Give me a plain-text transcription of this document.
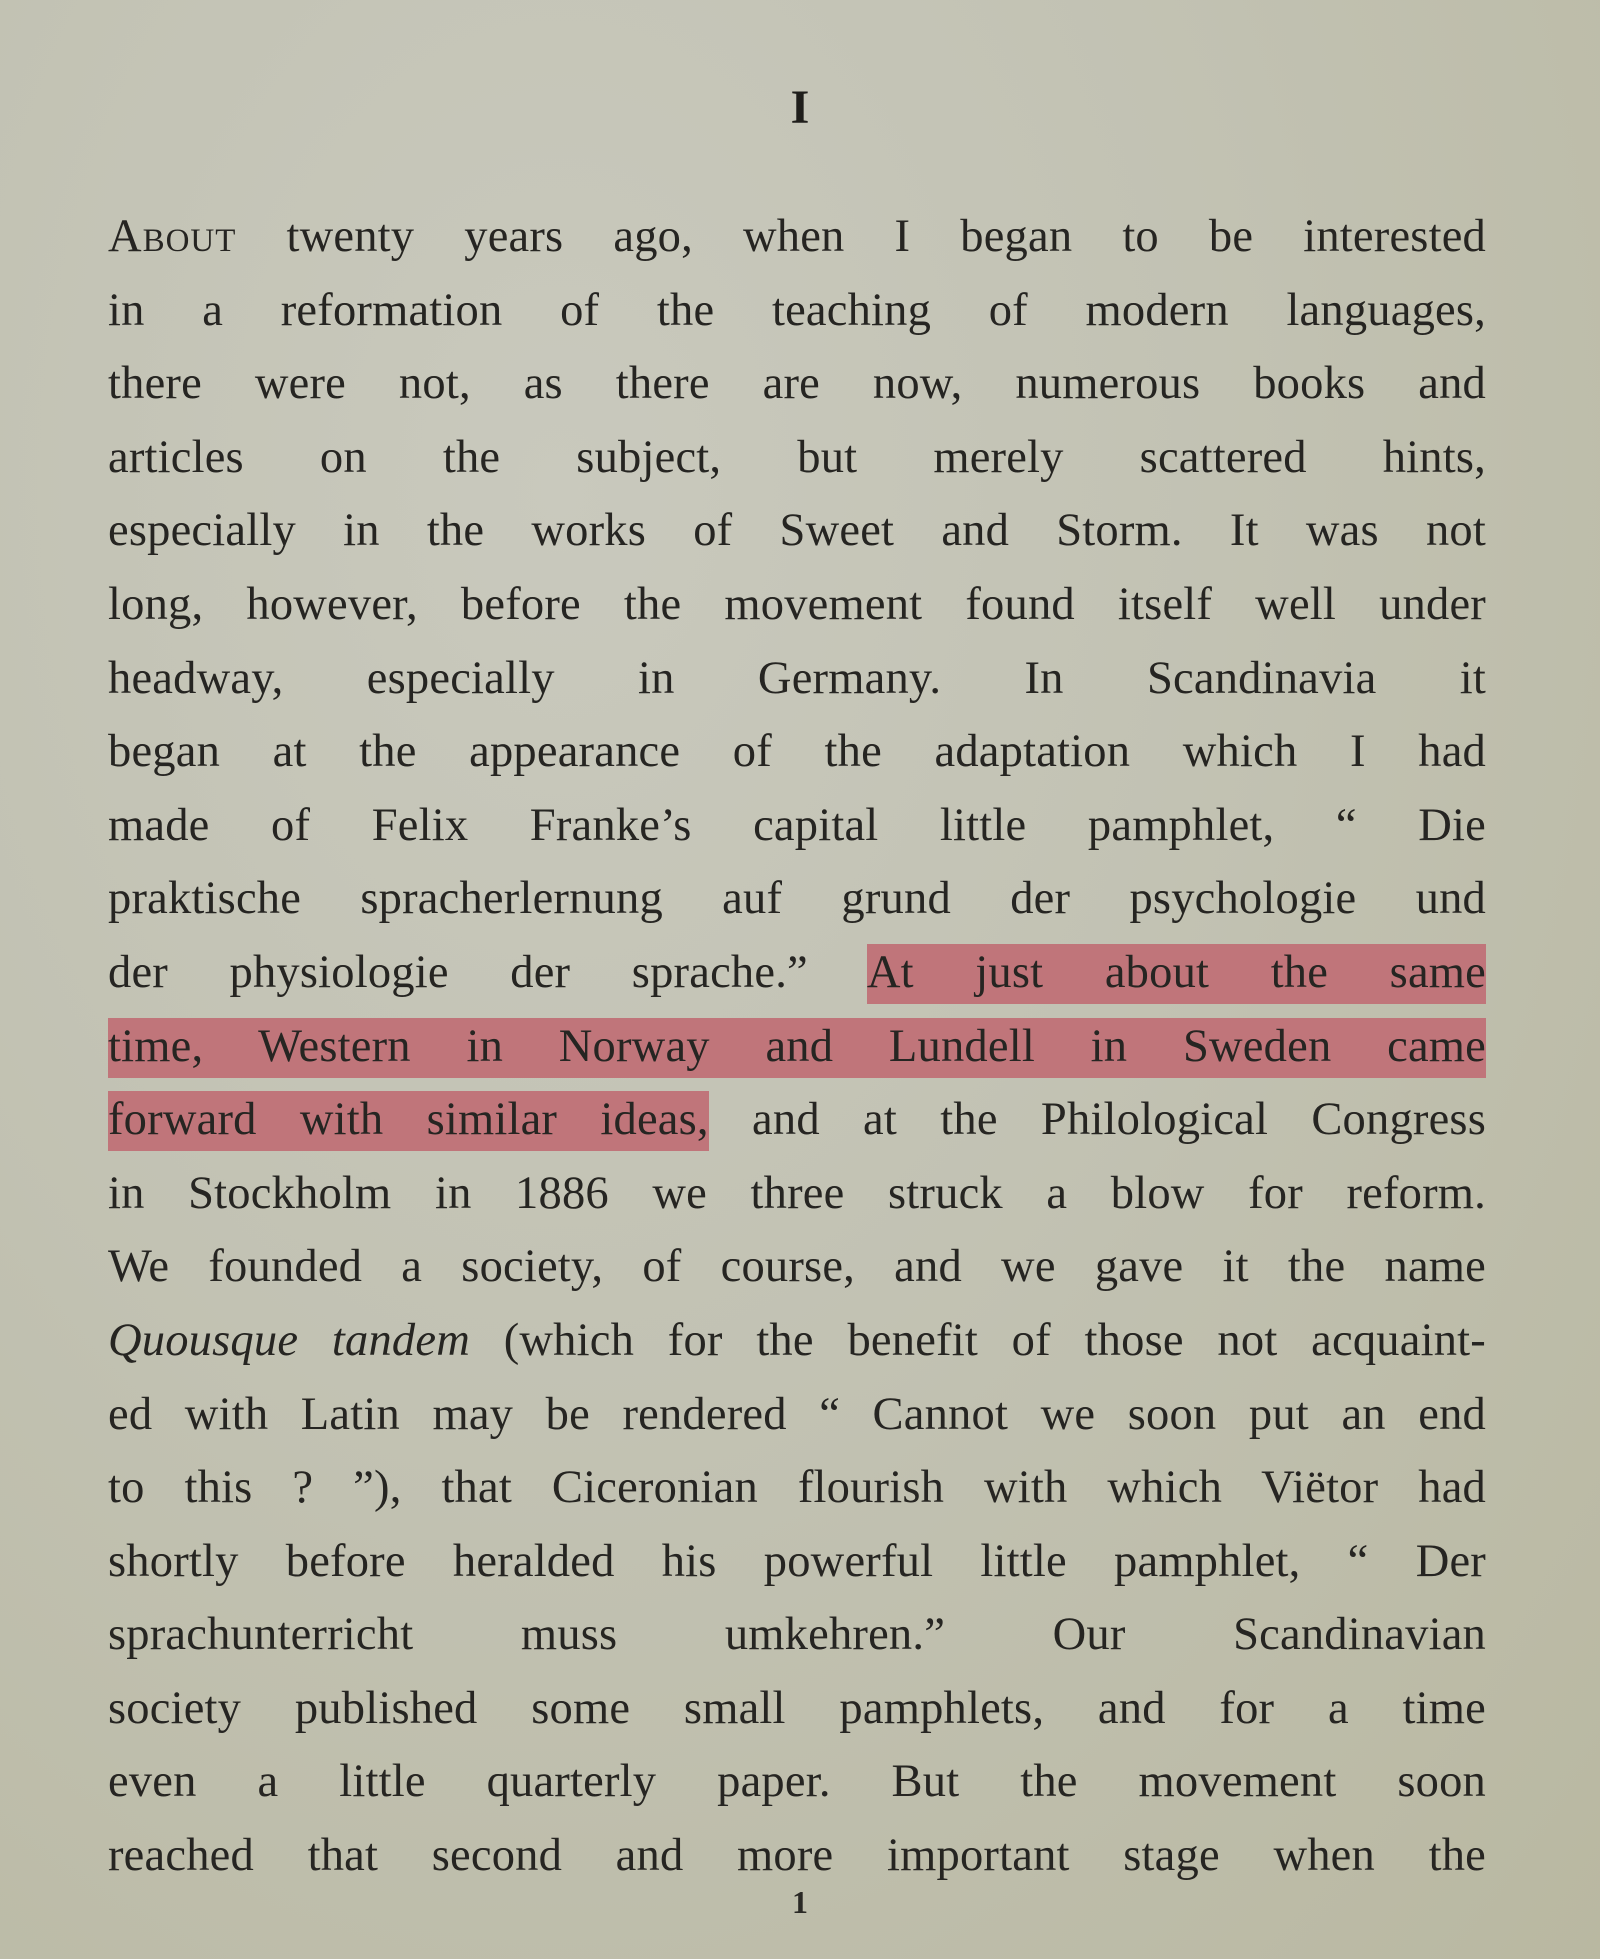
I
About twenty years ago, when I began to be interested
in a reformation of the teaching of modern languages,
there were not, as there are now, numerous books and
articles on the subject, but merely scattered hints,
especially in the works of Sweet and Storm. It was not
long, however, before the movement found itself well under
headway, especially in Germany. In Scandinavia it
began at the appearance of the adaptation which I had
made of Felix Franke’s capital little pamphlet, “ Die
praktische spracherlernung auf grund der psychologie und
der physiologie der sprache.” At just about the same
time, Western in Norway and Lundell in Sweden came
forward with similar ideas, and at the Philological Congress
in Stockholm in 1886 we three struck a blow for reform.
We founded a society, of course, and we gave it the name
Quousque tandem (which for the benefit of those not acquaint-
ed with Latin may be rendered “ Cannot we soon put an end
to this ? ”), that Ciceronian flourish with which Viëtor had
shortly before heralded his powerful little pamphlet, “ Der
sprachunterricht muss umkehren.” Our Scandinavian
society published some small pamphlets, and for a time
even a little quarterly paper. But the movement soon
reached that second and more important stage when the
1
